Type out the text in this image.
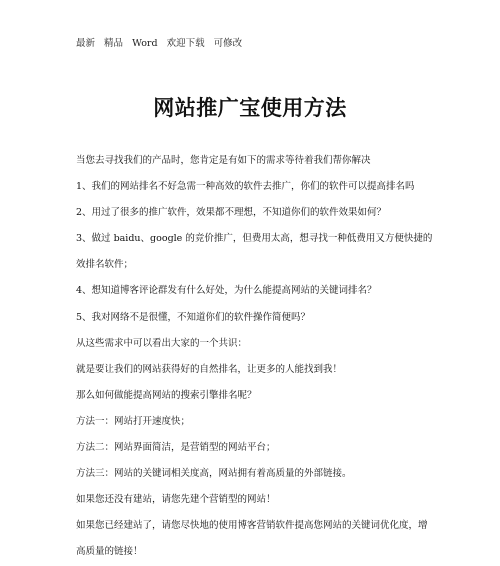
最新 精品 Word 欢迎下载 可修改
网站推广宝使用方法
当您去寻找我们的产品时，您肯定是有如下的需求等待着我们帮你解决
1、我们的网站排名不好急需一种高效的软件去推广，你们的软件可以提高排名吗
2、用过了很多的推广软件，效果都不理想，不知道你们的软件效果如何？
3、做过 baidu、google 的竞价推广，但费用太高，想寻找一种低费用又方便快捷的
效排名软件；
4、想知道博客评论群发有什么好处，为什么能提高网站的关键词排名？
5、我对网络不是很懂，不知道你们的软件操作简便吗？
从这些需求中可以看出大家的一个共识：
就是要让我们的网站获得好的自然排名，让更多的人能找到我！
那么如何做能提高网站的搜索引擎排名呢？
方法一：网站打开速度快；
方法二：网站界面简洁，是营销型的网站平台；
方法三：网站的关键词相关度高，网站拥有着高质量的外部链接。
如果您还没有建站，请您先建个营销型的网站！
如果您已经建站了，请您尽快地的使用博客营销软件提高您网站的关键词优化度，增
高质量的链接！
